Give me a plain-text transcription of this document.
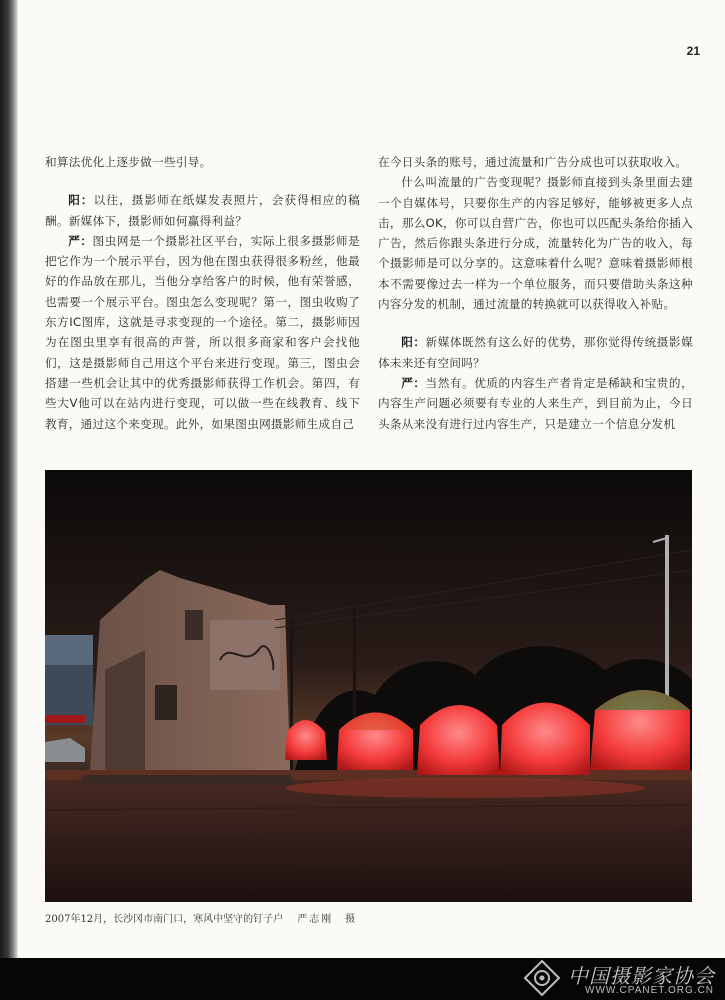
21

和算法优化上逐步做一些引导。

阳：以往，摄影师在纸媒发表照片，会获得相应的稿酬。新媒体下，摄影师如何赢得利益？

严：图虫网是一个摄影社区平台，实际上很多摄影师是把它作为一个展示平台，因为他在图虫获得很多粉丝，他最好的作品放在那儿，当他分享给客户的时候，他有荣誉感，也需要一个展示平台。图虫怎么变现呢？第一，图虫收购了东方IC图库，这就是寻求变现的一个途径。第二，摄影师因为在图虫里享有很高的声誉，所以很多商家和客户会找他们，这是摄影师自己用这个平台来进行变现。第三，图虫会搭建一些机会让其中的优秀摄影师获得工作机会。第四，有些大V他可以在站内进行变现，可以做一些在线教育、线下教育，通过这个来变现。此外，如果图虫网摄影师生成自己

在今日头条的账号，通过流量和广告分成也可以获取收入。

什么叫流量的广告变现呢？摄影师直接到头条里面去建一个自媒体号，只要你生产的内容足够好，能够被更多人点击，那么OK，你可以自营广告，你也可以匹配头条给你插入广告，然后你跟头条进行分成，流量转化为广告的收入，每个摄影师是可以分享的。这意味着什么呢？意味着摄影师根本不需要像过去一样为一个单位服务，而只要借助头条这种内容分发的机制，通过流量的转换就可以获得收入补贴。

阳：新媒体既然有这么好的优势，那你觉得传统摄影媒体未来还有空间吗？

严：当然有。优质的内容生产者肯定是稀缺和宝贵的，内容生产问题必须要有专业的人来生产，到目前为止，今日头条从来没有进行过内容生产，只是建立一个信息分发机

2007年12月，长沙冈市南门口，寒风中坚守的钉子户 严志刚　摄
中国摄影家协会
WWW.CPANET.ORG.CN
